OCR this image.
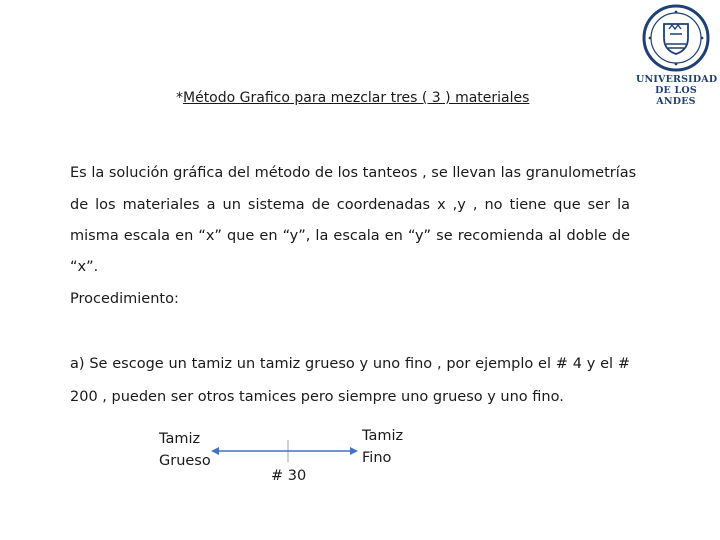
UNIVERSIDAD
DE LOS ANDES
*Método Grafico para mezclar tres ( 3 ) materiales
Es la solución gráfica del método de los tanteos , se llevan las granulometrías
de los materiales a un sistema de coordenadas x ,y , no tiene que ser la
misma escala en “x” que en “y”, la escala en “y” se recomienda al doble de
“x”.
Procedimiento:
a) Se escoge un tamiz un tamiz grueso y uno fino , por ejemplo el # 4 y el #
200 , pueden ser otros tamices pero siempre uno grueso y uno fino.
Tamiz
Grueso
Tamiz
Fino
# 30
